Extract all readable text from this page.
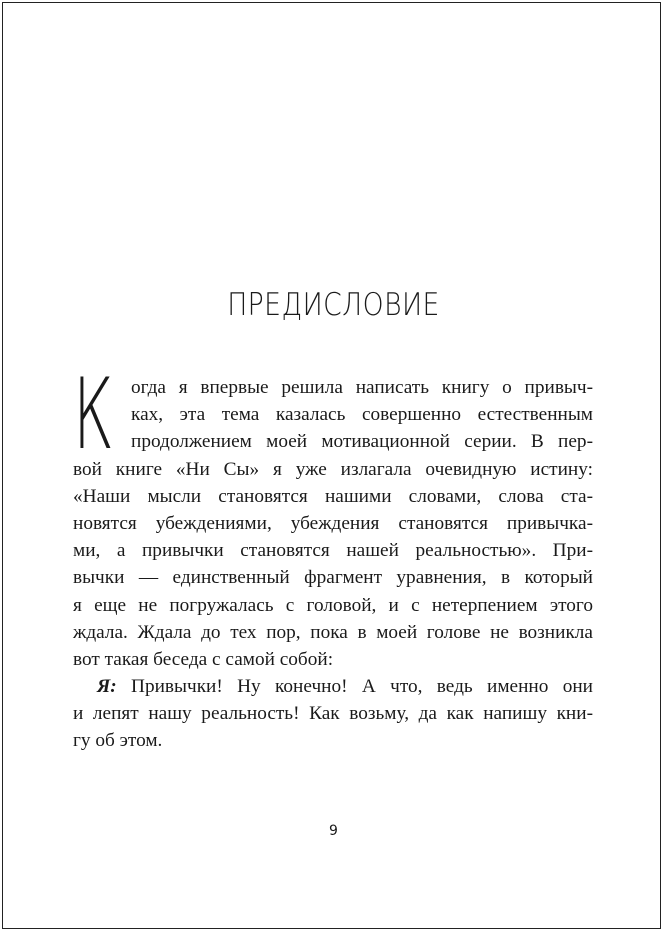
ПРЕДИСЛОВИЕ
К огда я впервые решила написать книгу о привыч-
ках, эта тема казалась совершенно естественным
продолжением моей мотивационной серии. В пер-
вой книге «Ни Сы» я уже излагала очевидную истину:
«Наши мысли становятся нашими словами, слова ста-
новятся убеждениями, убеждения становятся привычка-
ми, а привычки становятся нашей реальностью». При-
вычки — единственный фрагмент уравнения, в который
я еще не погружалась с головой, и с нетерпением этого
ждала. Ждала до тех пор, пока в моей голове не возникла
вот такая беседа с самой собой:
Я: Привычки! Ну конечно! А что, ведь именно они
и лепят нашу реальность! Как возьму, да как напишу кни-
гу об этом.
9
